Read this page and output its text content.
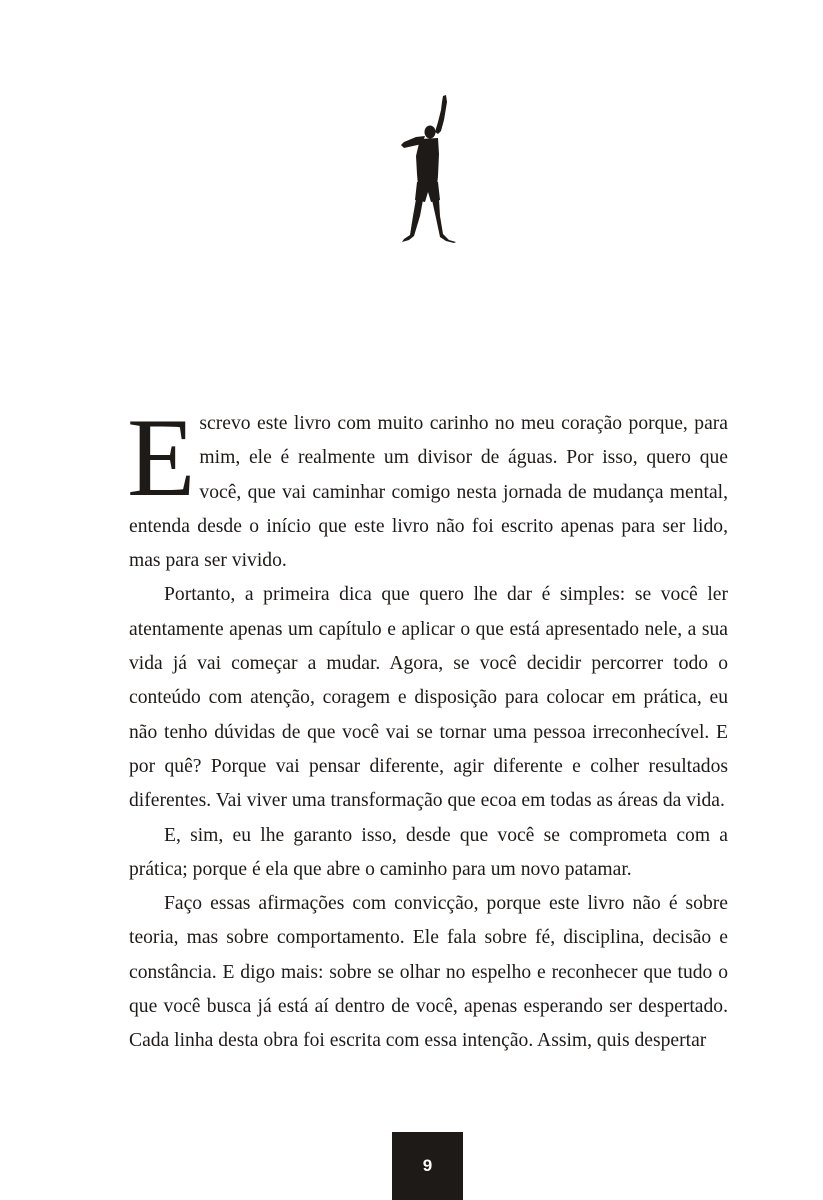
Escrevo este livro com muito carinho no meu coração porque, para mim, ele é realmente um divisor de águas. Por isso, quero que você, que vai caminhar comigo nesta jornada de mudança mental, entenda desde o início que este livro não foi escrito apenas para ser lido, mas para ser vivido.

Portanto, a primeira dica que quero lhe dar é simples: se você ler atentamente apenas um capítulo e aplicar o que está apresentado nele, a sua vida já vai começar a mudar. Agora, se você decidir percorrer todo o conteúdo com atenção, coragem e disposição para colocar em prática, eu não tenho dúvidas de que você vai se tornar uma pessoa irreconhecível. E por quê? Porque vai pensar diferente, agir diferente e colher resultados diferentes. Vai viver uma transformação que ecoa em todas as áreas da vida.

E, sim, eu lhe garanto isso, desde que você se comprometa com a prática; porque é ela que abre o caminho para um novo patamar.

Faço essas afirmações com convicção, porque este livro não é sobre teoria, mas sobre comportamento. Ele fala sobre fé, disciplina, decisão e constância. E digo mais: sobre se olhar no espelho e reconhecer que tudo o que você busca já está aí dentro de você, apenas esperando ser despertado. Cada linha desta obra foi escrita com essa intenção. Assim, quis despertar

9
